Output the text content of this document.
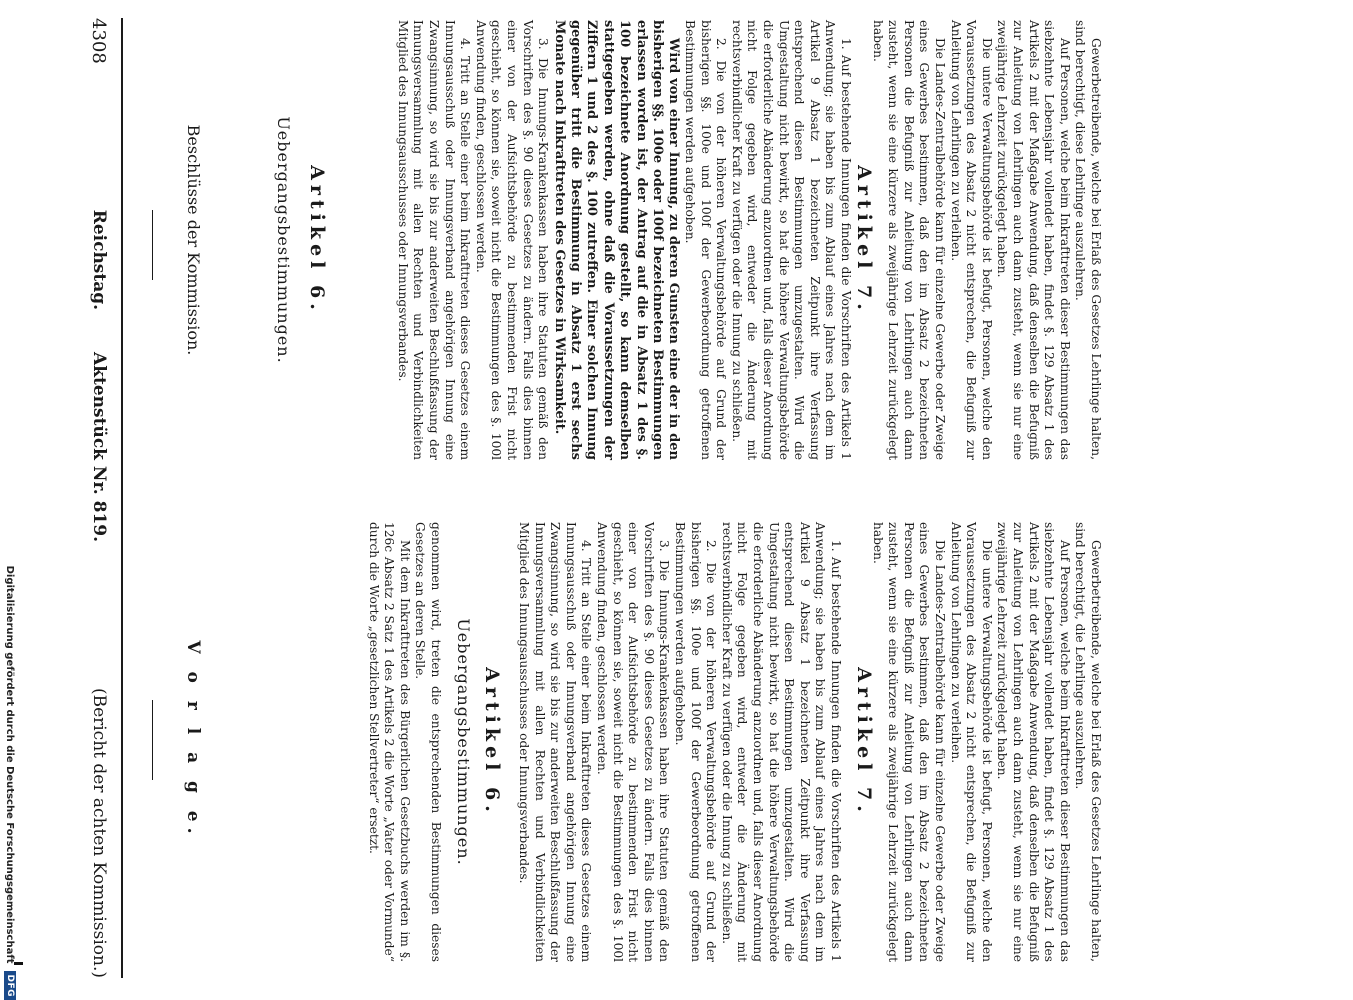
4308
Reichstag.
Aktenstück Nr. 819.
(Bericht der achten Kommission.)	V o r l a g e.	genommen wird, treten die entsprechenden Bestimmungen dieses Gesetzes an deren Stelle.

Mit dem Inkrafttreten des Bürgerlichen Gesetzbuchs werden im §. 126c Absatz 2 Satz 1 des Artikels 2 die Worte „Vater oder Vormunde“ durch die Worte „gesetzlichen Stellvertreter“ ersetzt.	Uebergangsbestimmungen. Artikel 6.	1. Auf bestehende Innungen finden die Vorschriften des Artikels 1 Anwendung; sie haben bis zum Ablauf eines Jahres nach dem im Artikel 9 Absatz 1 bezeichneten Zeitpunkt ihre Verfassung entsprechend diesen Bestimmungen umzugestalten. Wird die Umgestaltung nicht bewirkt, so hat die höhere Verwaltungsbehörde die erforderliche Abänderung anzuordnen und, falls dieser Anordnung nicht Folge gegeben wird, entweder die Änderung mit rechtsverbindlicher Kraft zu verfügen oder die Innung zu schließen.

2. Die von der höheren Verwaltungsbehörde auf Grund der bisherigen §§. 100e und 100f der Gewerbeordnung getroffenen Bestimmungen werden aufgehoben.

3. Die Innungs-Krankenkassen haben ihre Statuten gemäß den Vorschriften des §. 90 dieses Gesetzes zu ändern. Falls dies binnen einer von der Aufsichtsbehörde zu bestimmenden Frist nicht geschieht, so können sie, soweit nicht die Bestimmungen des §. 100l Anwendung finden, geschlossen werden.

4. Tritt an Stelle einer beim Inkrafttreten dieses Gesetzes einem Innungsausschuß oder Innungsverband angehörigen Innung eine Zwangsinnung, so wird sie bis zur anderweiten Beschlußfassung der Innungsversammlung mit allen Rechten und Verbindlichkeiten Mitglied des Innungsausschusses oder Innungsverbandes.	Artikel 7.	Gewerbetreibende, welche bei Erlaß des Gesetzes Lehrlinge halten, sind berechtigt, die Lehrlinge auszulehren.

Auf Personen, welche beim Inkrafttreten dieser Bestimmungen das siebzehnte Lebensjahr vollendet haben, findet §. 129 Absatz 1 des Artikels 2 mit der Maßgabe Anwendung, daß denselben die Befugniß zur Anleitung von Lehrlingen auch dann zusteht, wenn sie nur eine zweijährige Lehrzeit zurückgelegt haben.

Die untere Verwaltungsbehörde ist befugt, Personen, welche den Voraussetzungen des Absatz 2 nicht entsprechen, die Befugniß zur Anleitung von Lehrlingen zu verleihen.

Die Landes-Zentralbehörde kann für einzelne Gewerbe oder Zweige eines Gewerbes bestimmen, daß den im Absatz 2 bezeichneten Personen die Befugniß zur Anleitung von Lehrlingen auch dann zusteht, wenn sie eine kürzere als zweijährige Lehrzeit zurückgelegt haben.

Beschlüsse der Kommission.	Uebergangsbestimmungen. Artikel 6.	1. Auf bestehende Innungen finden die Vorschriften des Artikels 1 Anwendung; sie haben bis zum Ablauf eines Jahres nach dem im Artikel 9 Absatz 1 bezeichneten Zeitpunkt ihre Verfassung entsprechend diesen Bestimmungen umzugestalten. Wird die Umgestaltung nicht bewirkt, so hat die höhere Verwaltungsbehörde die erforderliche Abänderung anzuordnen und, falls dieser Anordnung nicht Folge gegeben wird, entweder die Änderung mit rechtsverbindlicher Kraft zu verfügen oder die Innung zu schließen.

2. Die von der höheren Verwaltungsbehörde auf Grund der bisherigen §§. 100e und 100f der Gewerbeordnung getroffenen Bestimmungen werden aufgehoben.

Wird von einer Innung, zu deren Gunsten eine der in den bisherigen §§. 100e oder 100f bezeichneten Bestimmungen erlassen worden ist, der Antrag auf die in Absatz 1 des §. 100 bezeichnete Anordnung gestellt, so kann demselben stattgegeben werden, ohne daß die Voraussetzungen der Ziffern 1 und 2 des §. 100 zutreffen. Einer solchen Innung gegenüber tritt die Bestimmung in Absatz 1 erst sechs Monate nach Inkrafttreten des Gesetzes in Wirksamkeit.

3. Die Innungs-Krankenkassen haben ihre Statuten gemäß den Vorschriften des §. 90 dieses Gesetzes zu ändern. Falls dies binnen einer von der Aufsichtsbehörde zu bestimmenden Frist nicht geschieht, so können sie, soweit nicht die Bestimmungen des §. 100l Anwendung finden, geschlossen werden.

4. Tritt an Stelle einer beim Inkrafttreten dieses Gesetzes einem Innungsausschuß oder Innungsverband angehörigen Innung eine Zwangsinnung, so wird sie bis zur anderweiten Beschlußfassung der Innungsversammlung mit allen Rechten und Verbindlichkeiten Mitglied des Innungsausschusses oder Innungsverbandes.	Artikel 7.	Gewerbetreibende, welche bei Erlaß des Gesetzes Lehrlinge halten, sind berechtigt, diese Lehrlinge auszulehren.

Auf Personen, welche beim Inkrafttreten dieser Bestimmungen das siebzehnte Lebensjahr vollendet haben, findet §. 129 Absatz 1 des Artikels 2 mit der Maßgabe Anwendung, daß denselben die Befugniß zur Anleitung von Lehrlingen auch dann zusteht, wenn sie nur eine zweijährige Lehrzeit zurückgelegt haben.

Die untere Verwaltungsbehörde ist befugt, Personen, welche den Voraussetzungen des Absatz 2 nicht entsprechen, die Befugniß zur Anleitung von Lehrlingen zu verleihen.

Die Landes-Zentralbehörde kann für einzelne Gewerbe oder Zweige eines Gewerbes bestimmen, daß den im Absatz 2 bezeichneten Personen die Befugniß zur Anleitung von Lehrlingen auch dann zusteht, wenn sie eine kürzere als zweijährige Lehrzeit zurückgelegt haben.

Digitalisierung gefördert durch die Deutsche Forschungsgemeinschaft
DFG
